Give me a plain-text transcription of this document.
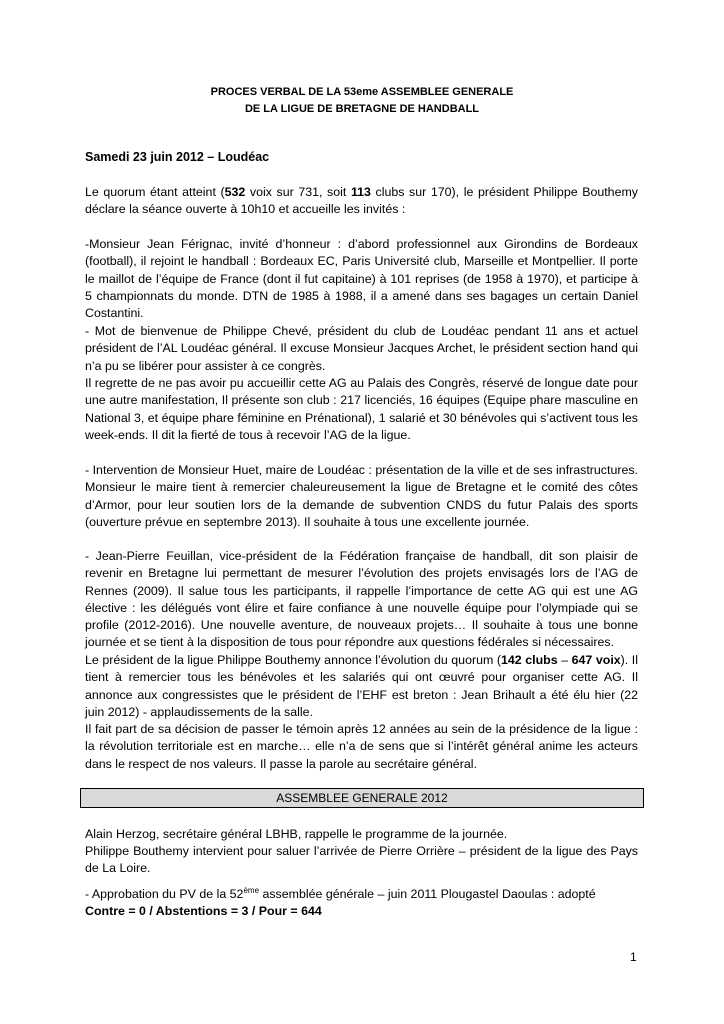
PROCES VERBAL DE LA 53eme ASSEMBLEE GENERALE
DE LA LIGUE DE BRETAGNE DE HANDBALL
Samedi 23 juin 2012 – Loudéac

Le quorum étant atteint (532 voix sur 731, soit 113 clubs sur 170), le président Philippe Bouthemy déclare la séance ouverte à 10h10 et accueille les invités :

-Monsieur Jean Férignac, invité d’honneur : d’abord professionnel aux Girondins de Bordeaux (football), il rejoint le handball : Bordeaux EC, Paris Université club, Marseille et Montpellier. Il porte le maillot de l’équipe de France (dont il fut capitaine) à 101 reprises (de 1958 à 1970), et participe à 5 championnats du monde. DTN de 1985 à 1988, il a amené dans ses bagages un certain Daniel Costantini.

- Mot de bienvenue de Philippe Chevé, président du club de Loudéac pendant 11 ans et actuel président de l’AL Loudéac général. Il excuse Monsieur Jacques Archet, le président section hand qui n’a pu se libérer pour assister à ce congrès.

Il regrette de ne pas avoir pu accueillir cette AG au Palais des Congrès, réservé de longue date pour une autre manifestation, Il présente son club : 217 licenciés, 16 équipes (Equipe phare masculine en National 3, et équipe phare féminine en Prénational), 1 salarié et 30 bénévoles qui s’activent tous les week-ends. Il dit la fierté de tous à recevoir l’AG de la ligue.

- Intervention de Monsieur Huet, maire de Loudéac : présentation de la ville et de ses infrastructures. Monsieur le maire tient à remercier chaleureusement la ligue de Bretagne et le comité des côtes d’Armor, pour leur soutien lors de la demande de subvention CNDS du futur Palais des sports (ouverture prévue en septembre 2013). Il souhaite à tous une excellente journée.

- Jean-Pierre Feuillan, vice-président de la Fédération française de handball, dit son plaisir de revenir en Bretagne lui permettant de mesurer l’évolution des projets envisagés lors de l’AG de Rennes (2009). Il salue tous les participants, il rappelle l’importance de cette AG qui est une AG élective : les délégués vont élire et faire confiance à une nouvelle équipe pour l’olympiade qui se profile (2012-2016). Une nouvelle aventure, de nouveaux projets… Il souhaite à tous une bonne journée et se tient à la disposition de tous pour répondre aux questions fédérales si nécessaires.

Le président de la ligue Philippe Bouthemy annonce l’évolution du quorum (142 clubs – 647 voix). Il tient à remercier tous les bénévoles et les salariés qui ont œuvré pour organiser cette AG. Il annonce aux congressistes que le président de l’EHF est breton : Jean Brihault a été élu hier (22 juin 2012) - applaudissements de la salle.

Il fait part de sa décision de passer le témoin après 12 années au sein de la présidence de la ligue : la révolution territoriale est en marche… elle n’a de sens que si l’intérêt général anime les acteurs dans le respect de nos valeurs. Il passe la parole au secrétaire général.

ASSEMBLEE GENERALE 2012

Alain Herzog, secrétaire général LBHB, rappelle le programme de la journée.

Philippe Bouthemy intervient pour saluer l’arrivée de Pierre Orrière – président de la ligue des Pays de La Loire.

- Approbation du PV de la 52ème assemblée générale – juin 2011 Plougastel Daoulas : adopté

Contre = 0 / Abstentions = 3 / Pour = 644

1
